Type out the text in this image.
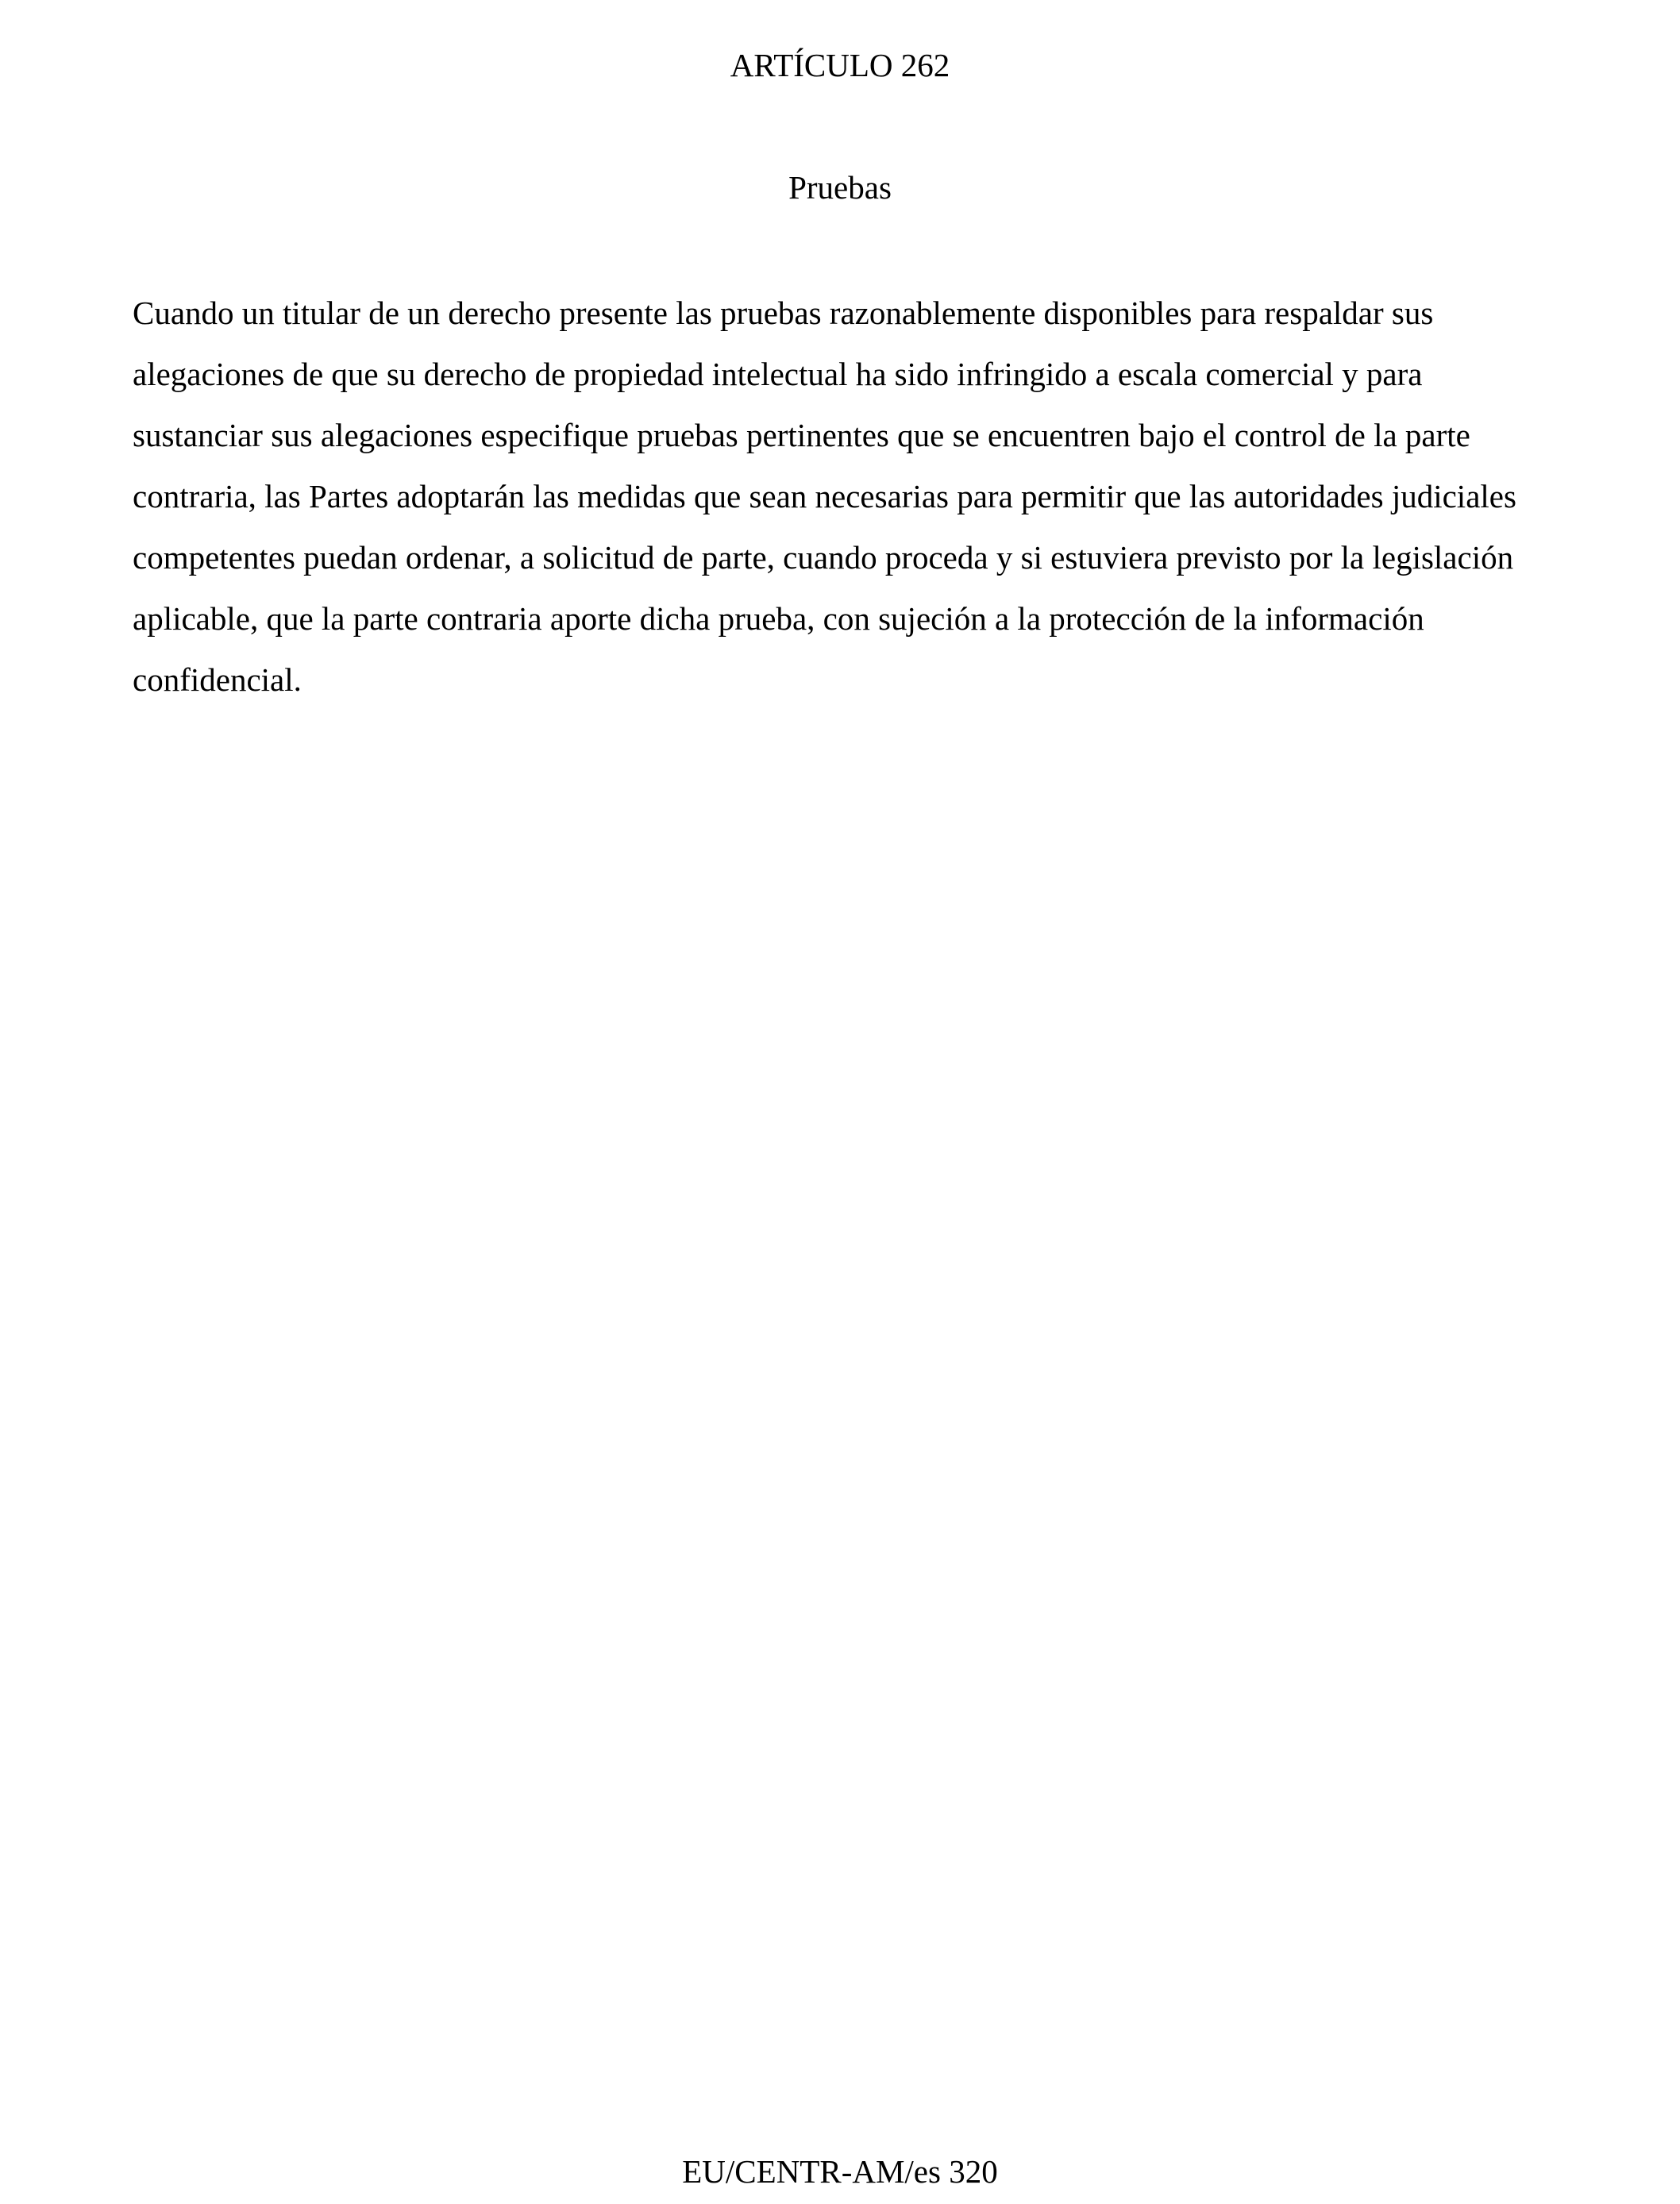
ARTÍCULO 262
Pruebas

Cuando un titular de un derecho presente las pruebas razonablemente disponibles para respaldar sus alegaciones de que su derecho de propiedad intelectual ha sido infringido a escala comercial y para sustanciar sus alegaciones especifique pruebas pertinentes que se encuentren bajo el control de la parte contraria, las Partes adoptarán las medidas que sean necesarias para permitir que las autoridades judiciales competentes puedan ordenar, a solicitud de parte, cuando proceda y si estuviera previsto por la legislación aplicable, que la parte contraria aporte dicha prueba, con sujeción a la protección de la información confidencial.

EU/CENTR-AM/es 320
